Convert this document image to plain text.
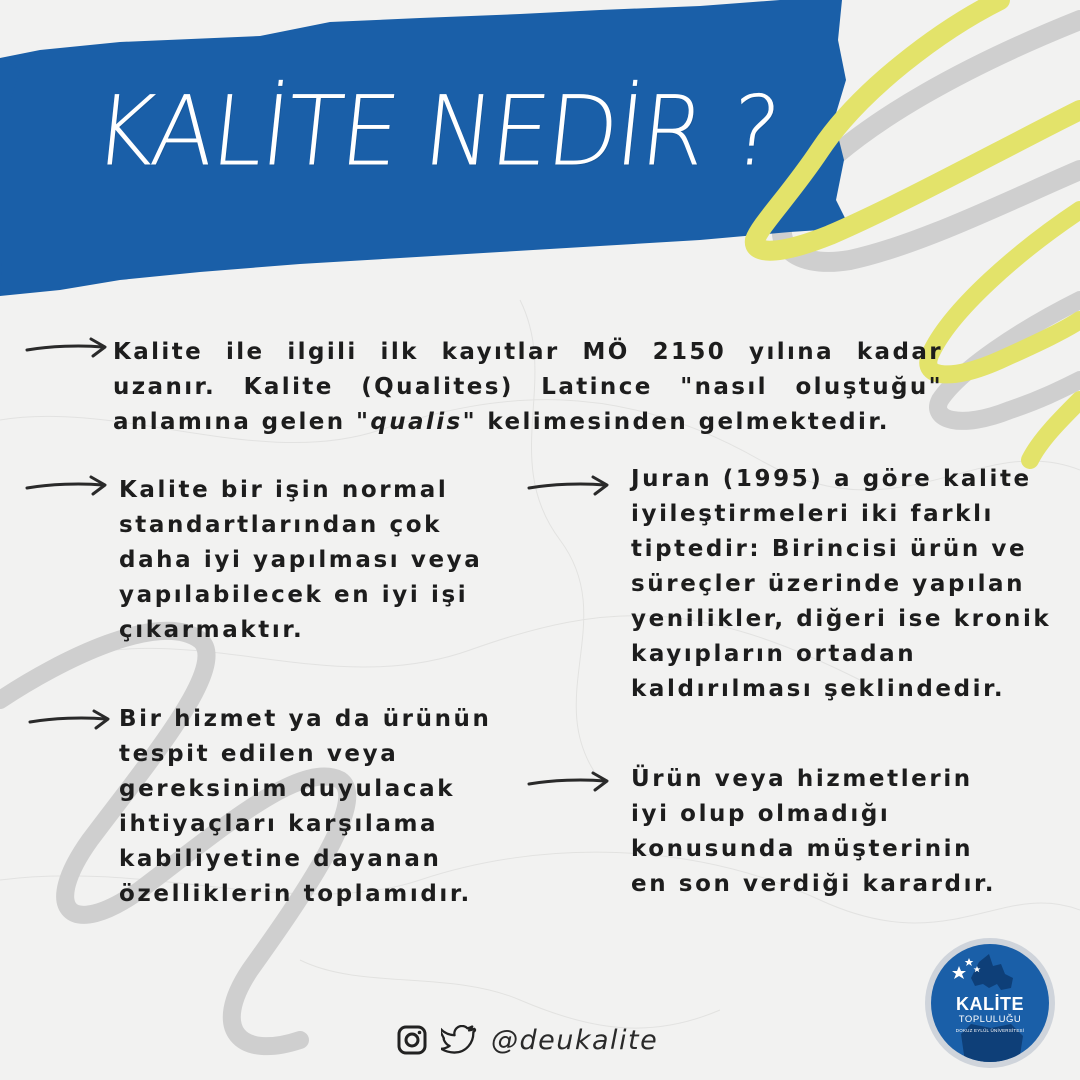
KALİTE NEDİR ?
Kalite ile ilgili ilk kayıtlar MÖ 2150 yılına kadar uzanır. Kalite (Qualites) Latince "nasıl oluştuğu" anlamına gelen "qualis" kelimesinden gelmektedir.
Kalite bir işin normal standartlarından çok daha iyi yapılması veya yapılabilecek en iyi işi çıkarmaktır.
Bir hizmet ya da ürünün tespit edilen veya gereksinim duyulacak ihtiyaçları karşılama kabiliyetine dayanan özelliklerin toplamıdır.
Juran (1995) a göre kalite iyileştirmeleri iki farklı tiptedir: Birincisi ürün ve süreçler üzerinde yapılan yenilikler, diğeri ise kronik kayıpların ortadan kaldırılması şeklindedir.
Ürün veya hizmetlerin iyi olup olmadığı konusunda müşterinin en son verdiği karardır.
@deukalite
KALİTE
TOPLULUĞU
DOKUZ EYLÜL ÜNİVERSİTESİ
